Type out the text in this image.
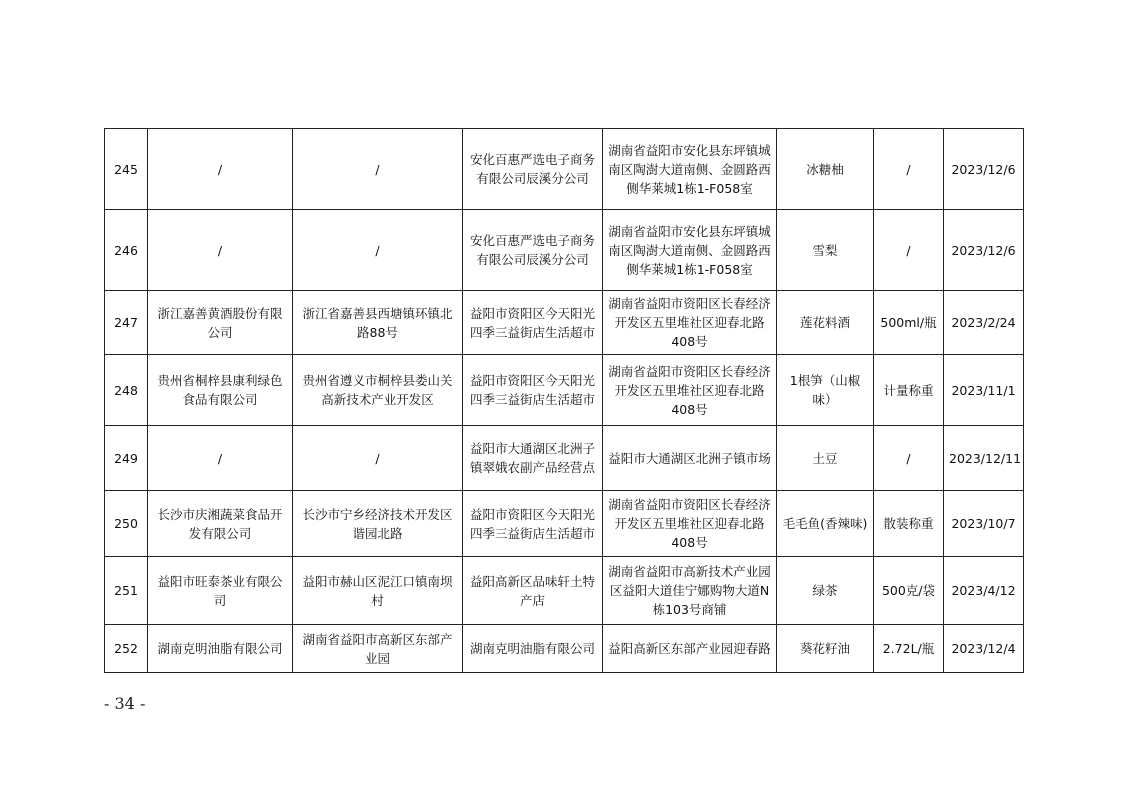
245	/	/	安化百惠严选电子商务有限公司辰溪分公司	湖南省益阳市安化县东坪镇城南区陶澍大道南侧、金圆路西侧华莱城1栋1-F058室	冰糖柚	/	2023/12/6
246	/	/	安化百惠严选电子商务有限公司辰溪分公司	湖南省益阳市安化县东坪镇城南区陶澍大道南侧、金圆路西侧华莱城1栋1-F058室	雪梨	/	2023/12/6
247	浙江嘉善黄酒股份有限公司	浙江省嘉善县西塘镇环镇北路88号	益阳市资阳区今天阳光四季三益街店生活超市	湖南省益阳市资阳区长春经济开发区五里堆社区迎春北路408号	莲花料酒	500ml/瓶	2023/2/24
248	贵州省桐梓县康利绿色食品有限公司	贵州省遵义市桐梓县娄山关高新技术产业开发区	益阳市资阳区今天阳光四季三益街店生活超市	湖南省益阳市资阳区长春经济开发区五里堆社区迎春北路408号	1根笋（山椒味）	计量称重	2023/11/1
249	/	/	益阳市大通湖区北洲子镇翠娥农副产品经营点	益阳市大通湖区北洲子镇市场	土豆	/	2023/12/11
250	长沙市庆湘蔬菜食品开发有限公司	长沙市宁乡经济技术开发区谐园北路	益阳市资阳区今天阳光四季三益街店生活超市	湖南省益阳市资阳区长春经济开发区五里堆社区迎春北路408号	毛毛鱼(香辣味)	散装称重	2023/10/7
251	益阳市旺泰茶业有限公司	益阳市赫山区泥江口镇南坝村	益阳高新区品味轩土特产店	湖南省益阳市高新技术产业园区益阳大道佳宁娜购物大道N栋103号商铺	绿茶	500克/袋	2023/4/12
252	湖南克明油脂有限公司	湖南省益阳市高新区东部产业园	湖南克明油脂有限公司	益阳高新区东部产业园迎春路	葵花籽油	2.72L/瓶	2023/12/4
- 34 -
